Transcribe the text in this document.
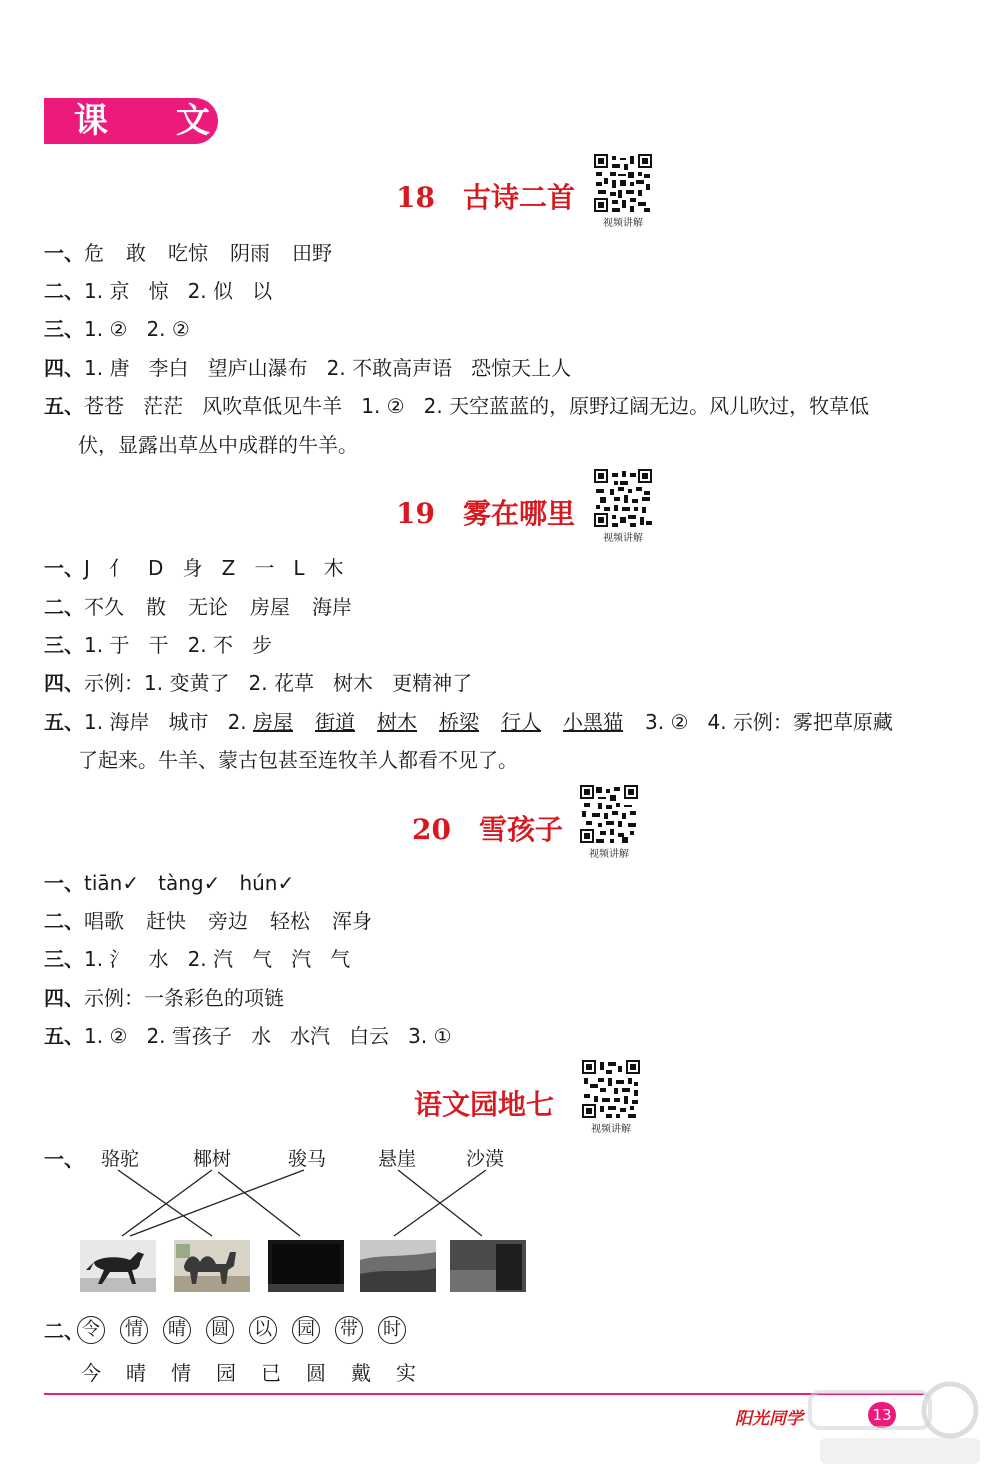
课 文
18 古诗二首
视频讲解
一、危 敢 吃惊 阴雨 田野
二、1. 京   惊   2. 似   以
三、1. ②   2. ②
四、1. 唐   李白   望庐山瀑布   2. 不敢高声语   恐惊天上人
五、苍苍   茫茫   风吹草低见牛羊   1. ②   2. 天空蓝蓝的，原野辽阔无边。风儿吹过，牧草低
伏，显露出草丛中成群的牛羊。
19 雾在哪里
视频讲解
一、J   亻   D   身   Z   一   L   木
二、不久 散 无论 房屋 海岸
三、1. 于   干   2. 不   步
四、示例：1. 变黄了   2. 花草   树木   更精神了
五、1. 海岸   城市   2. 房屋 街道 树木 桥梁 行人 小黑猫 3. ②   4. 示例：雾把草原藏
了起来。牛羊、蒙古包甚至连牧羊人都看不见了。
20 雪孩子
视频讲解
一、tiān✓   tàng✓   hún✓
二、唱歌 赶快 旁边 轻松 浑身
三、1. 氵   水   2. 汽   气   汽   气
四、示例：一条彩色的项链
五、1. ②   2. 雪孩子   水   水汽   白云   3. ①
语文园地七
视频讲解
一、 骆驼	椰树	骏马	悬崖	沙漠
二、
令 情 晴 圆 以 园 带 时
今 晴 情 园 已 圆 戴 实
阳光同学	13
